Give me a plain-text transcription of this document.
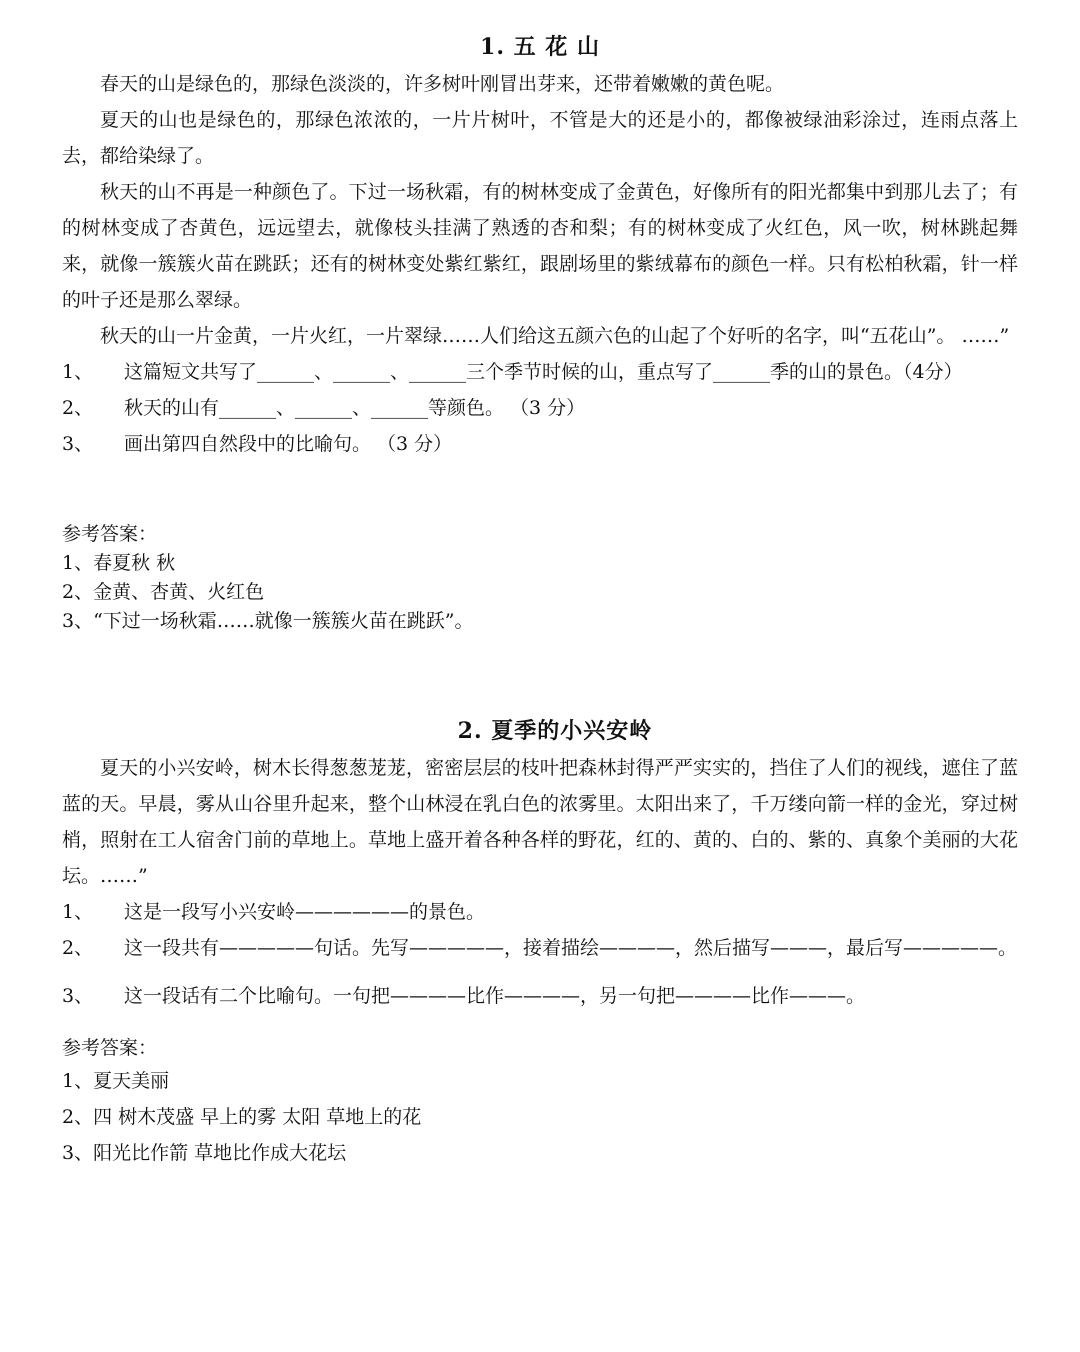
1. 五 花 山

春天的山是绿色的，那绿色淡淡的，许多树叶刚冒出芽来，还带着嫩嫩的黄色呢。

夏天的山也是绿色的，那绿色浓浓的，一片片树叶，不管是大的还是小的，都像被绿油彩涂过，连雨点落上去，都给染绿了。

秋天的山不再是一种颜色了。下过一场秋霜，有的树林变成了金黄色，好像所有的阳光都集中到那儿去了；有的树林变成了杏黄色，远远望去，就像枝头挂满了熟透的杏和梨；有的树林变成了火红色，风一吹，树林跳起舞来，就像一簇簇火苗在跳跃；还有的树林变处紫红紫红，跟剧场里的紫绒幕布的颜色一样。只有松柏秋霜，针一样的叶子还是那么翠绿。

秋天的山一片金黄，一片火红，一片翠绿……人们给这五颜六色的山起了个好听的名字，叫“五花山”。 ……”

1、	这篇短文共写了______、______、______三个季节时候的山，重点写了______季的山的景色。（4分）
2、	秋天的山有______、______、______等颜色。 （3 分）
3、	画出第四自然段中的比喻句。 （3 分）

参考答案：

1、春夏秋 秋

2、金黄、杏黄、火红色

3、“下过一场秋霜……就像一簇簇火苗在跳跃”。

2. 夏季的小兴安岭

夏天的小兴安岭，树木长得葱葱茏茏，密密层层的枝叶把森林封得严严实实的，挡住了人们的视线，遮住了蓝蓝的天。早晨，雾从山谷里升起来，整个山林浸在乳白色的浓雾里。太阳出来了，千万缕向箭一样的金光，穿过树梢，照射在工人宿舍门前的草地上。草地上盛开着各种各样的野花，红的、黄的、白的、紫的、真象个美丽的大花坛。……”

1、	这是一段写小兴安岭——————的景色。
2、 这一段共有—————句话。先写—————，接着描绘————，然后描写———，最后写—————。
3、	这一段话有二个比喻句。一句把————比作————，另一句把————比作———。

参考答案：

1、夏天美丽

2、四 树木茂盛 早上的雾 太阳 草地上的花

3、阳光比作箭 草地比作成大花坛
